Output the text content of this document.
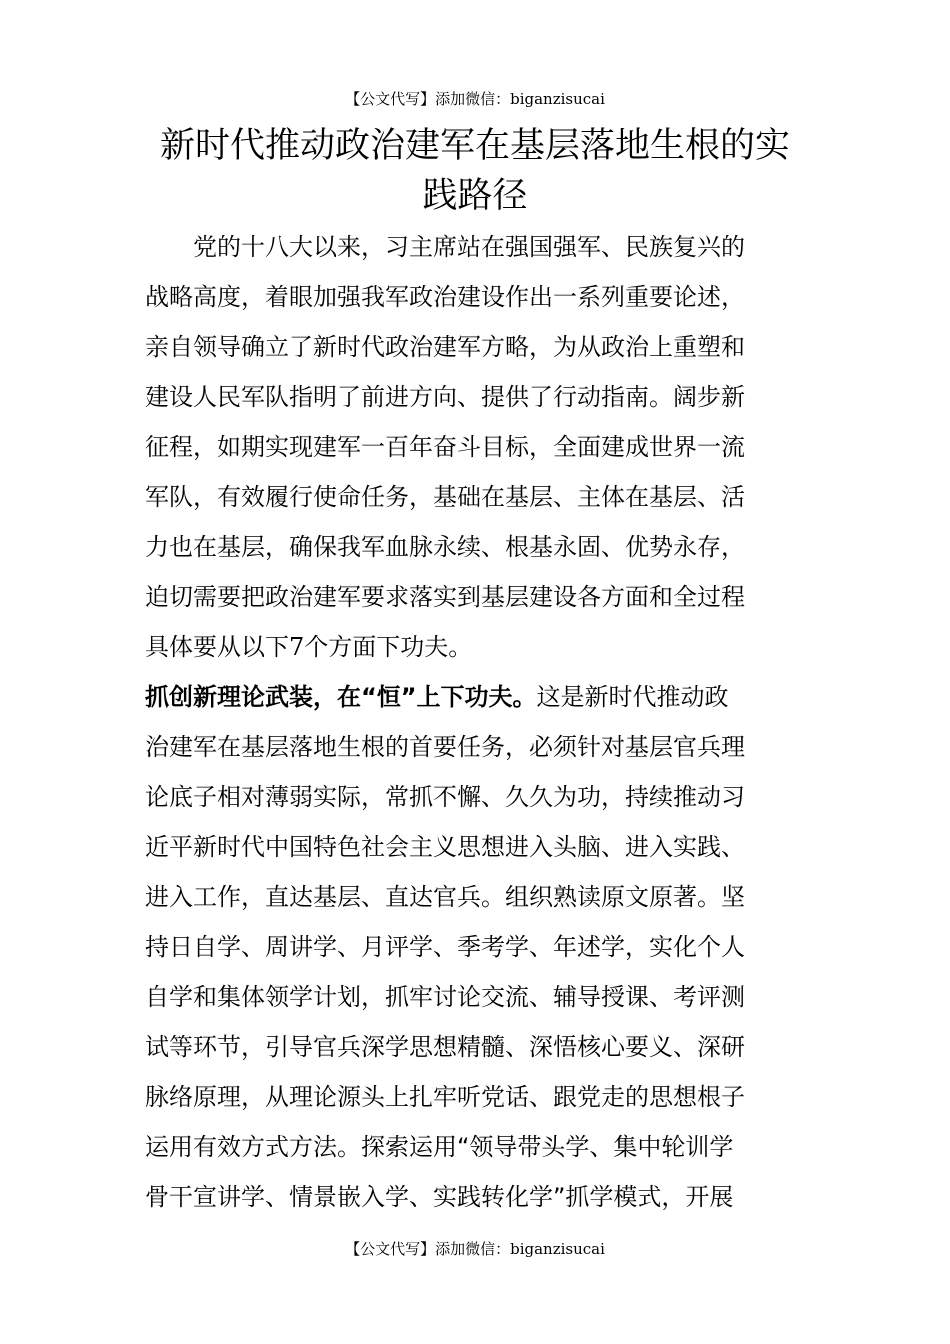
【公文代写】添加微信：biganzisucai
新时代推动政治建军在基层落地生根的实
践路径
党的十八大以来，习主席站在强国强军、民族复兴的
战略高度，着眼加强我军政治建设作出一系列重要论述，
亲自领导确立了新时代政治建军方略，为从政治上重塑和
建设人民军队指明了前进方向、提供了行动指南。阔步新
征程，如期实现建军一百年奋斗目标，全面建成世界一流
军队，有效履行使命任务，基础在基层、主体在基层、活
力也在基层，确保我军血脉永续、根基永固、优势永存，
迫切需要把政治建军要求落实到基层建设各方面和全过程
具体要从以下7个方面下功夫。
抓创新理论武装，在“恒”上下功夫。这是新时代推动政
治建军在基层落地生根的首要任务，必须针对基层官兵理
论底子相对薄弱实际，常抓不懈、久久为功，持续推动习
近平新时代中国特色社会主义思想进入头脑、进入实践、
进入工作，直达基层、直达官兵。组织熟读原文原著。坚
持日自学、周讲学、月评学、季考学、年述学，实化个人
自学和集体领学计划，抓牢讨论交流、辅导授课、考评测
试等环节，引导官兵深学思想精髓、深悟核心要义、深研
脉络原理，从理论源头上扎牢听党话、跟党走的思想根子
运用有效方式方法。探索运用“领导带头学、集中轮训学
骨干宣讲学、情景嵌入学、实践转化学”抓学模式，开展
【公文代写】添加微信：biganzisucai
